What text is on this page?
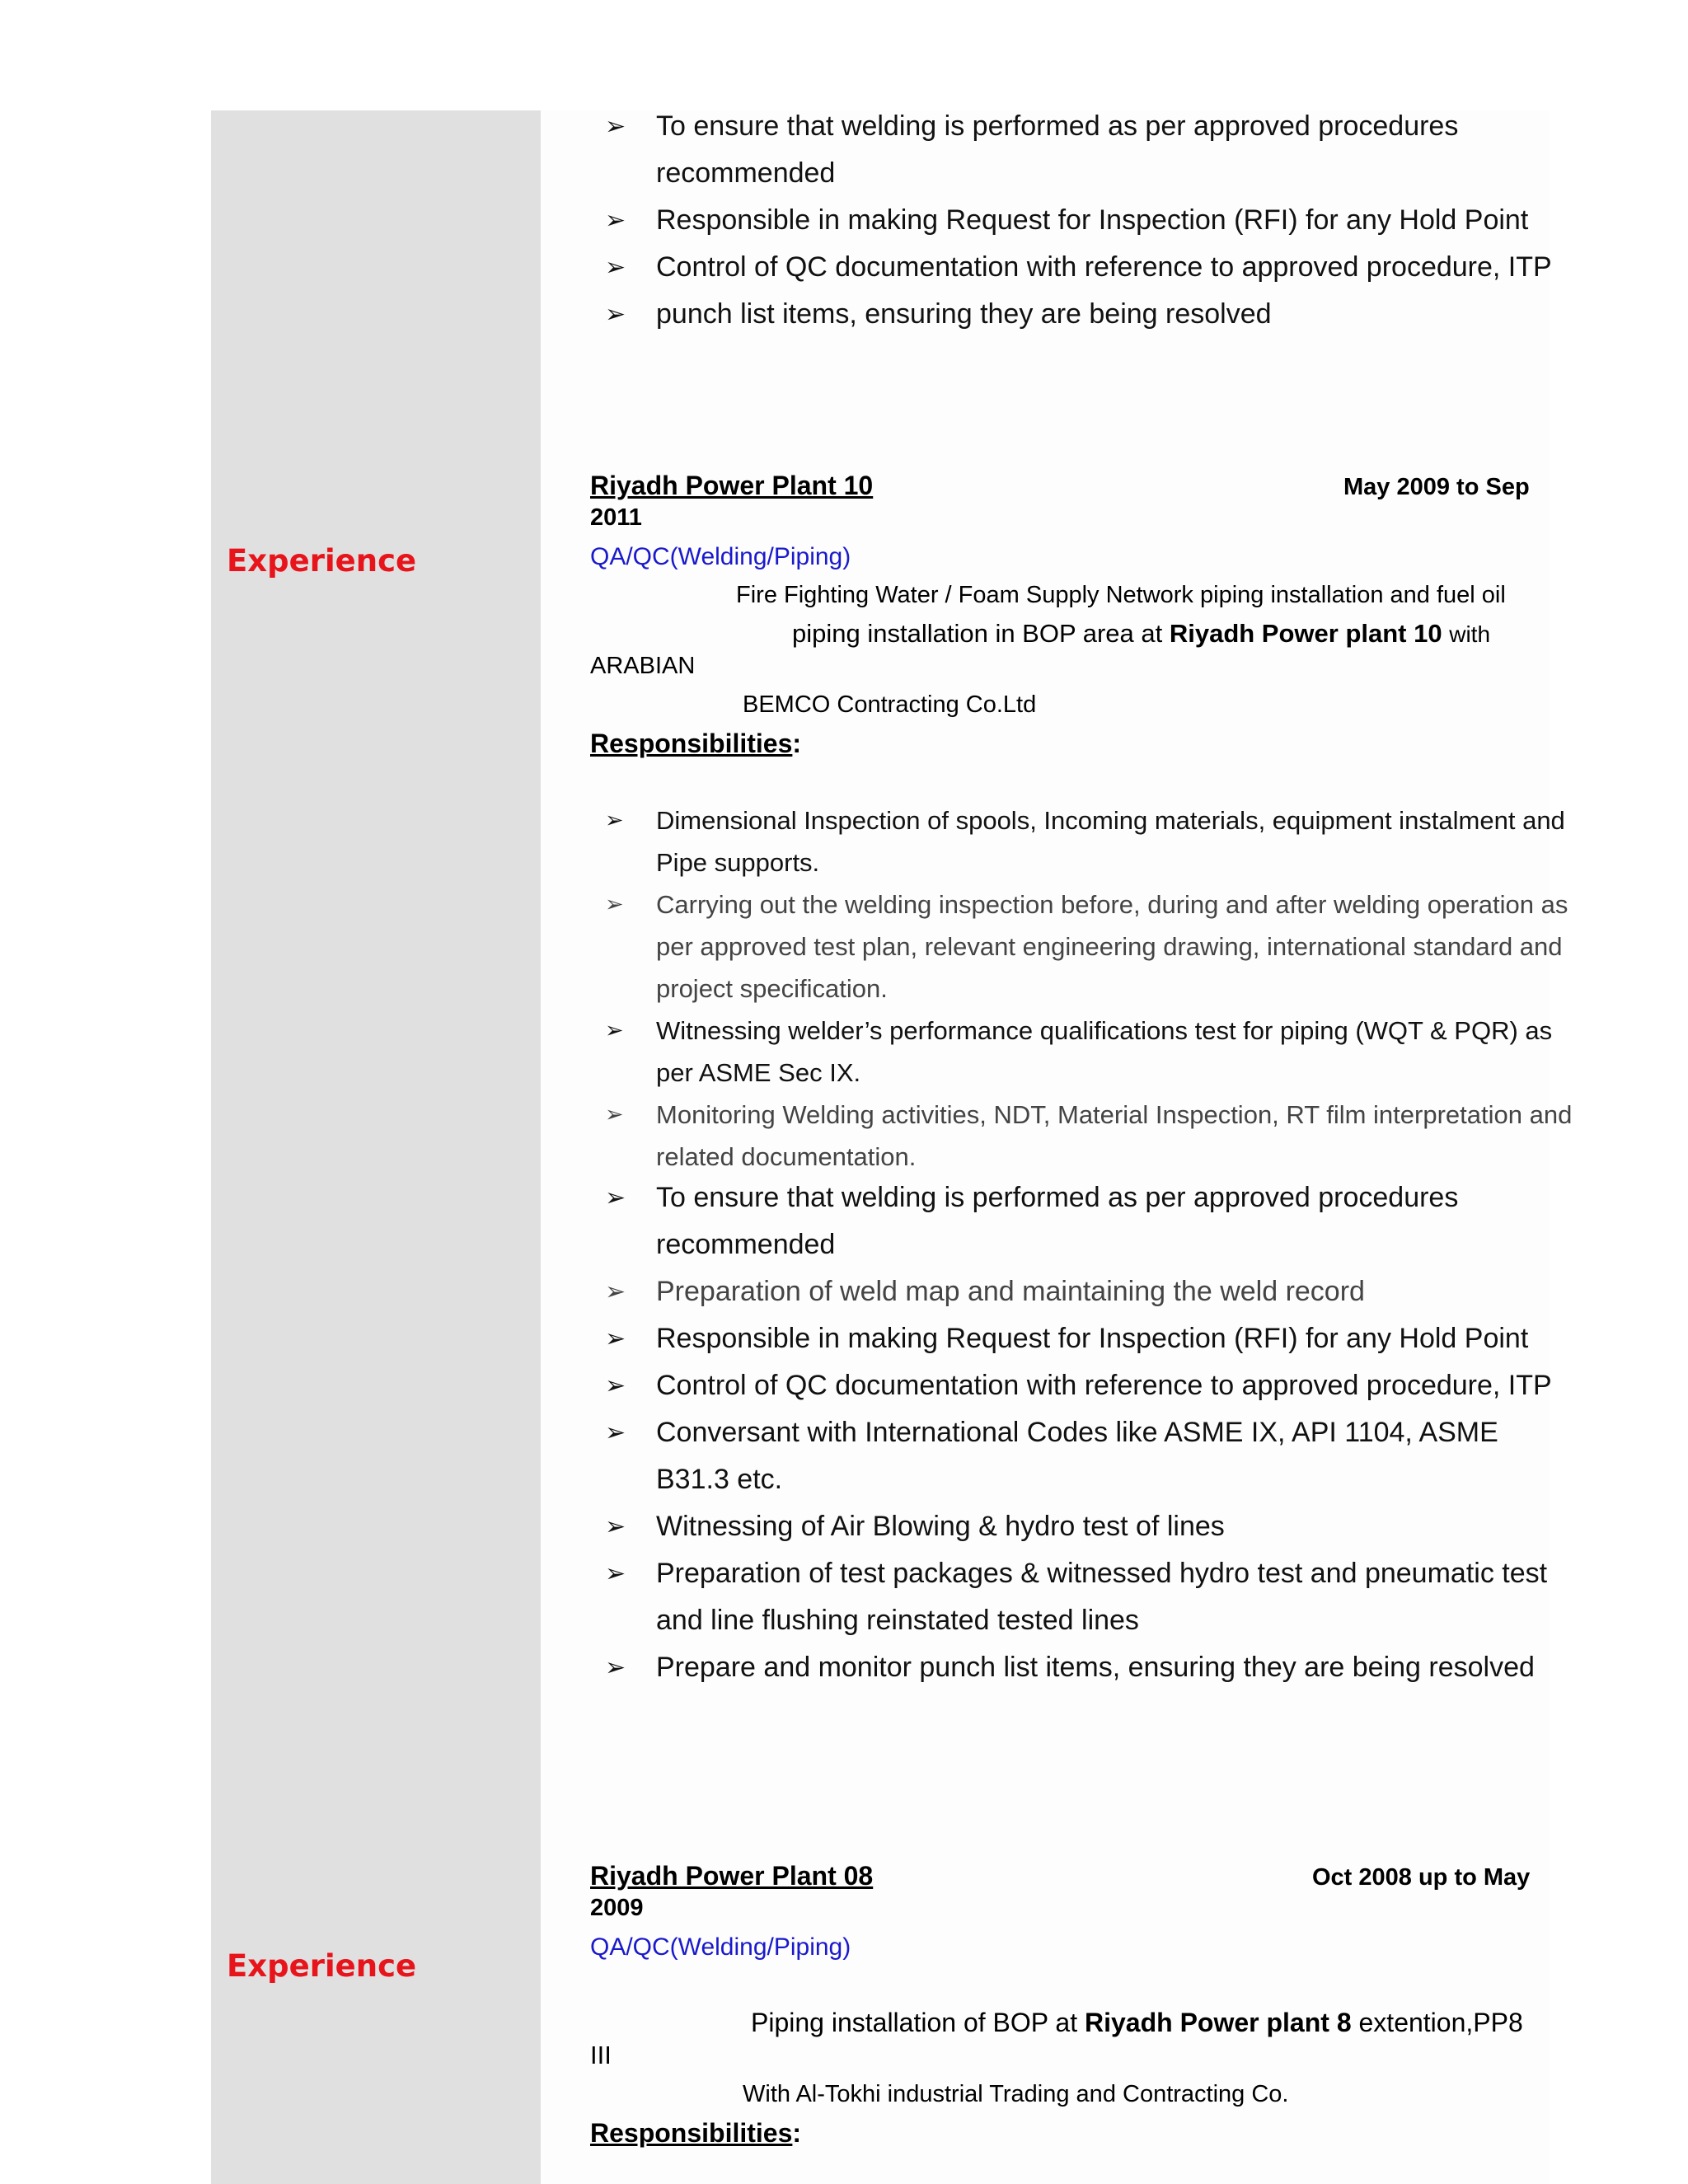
➢ To ensure that welding is performed as per approved procedures recommended
➢ Responsible in making Request for Inspection (RFI) for any Hold Point
➢ Control of QC documentation with reference to approved procedure, ITP
➢ punch list items, ensuring they are being resolved
Experience
Riyadh Power Plant 10	May 2009 to Sep
2011
QA/QC(Welding/Piping)
Fire Fighting Water / Foam Supply Network piping installation and fuel oil
piping installation in BOP area at Riyadh Power plant 10 with
ARABIAN
BEMCO Contracting Co.Ltd
Responsibilities:
➢ Dimensional Inspection of spools, Incoming materials, equipment instalment and Pipe supports.
➢ Carrying out the welding inspection before, during and after welding operation as per approved test plan, relevant engineering drawing, international standard and project specification.
➢ Witnessing welder’s performance qualifications test for piping (WQT & PQR) as per ASME Sec IX.
➢ Monitoring Welding activities, NDT, Material Inspection, RT film interpretation and related documentation.
➢ To ensure that welding is performed as per approved procedures recommended
➢ Preparation of weld map and maintaining the weld record
➢ Responsible in making Request for Inspection (RFI) for any Hold Point
➢ Control of QC documentation with reference to approved procedure, ITP
➢ Conversant with International Codes like ASME IX, API 1104, ASME B31.3 etc.
➢ Witnessing of Air Blowing & hydro test of lines
➢ Preparation of test packages & witnessed hydro test and pneumatic test and line flushing reinstated tested lines
➢ Prepare and monitor punch list items, ensuring they are being resolved
Experience
Riyadh Power Plant 08	Oct 2008 up to May
2009
QA/QC(Welding/Piping)
Piping installation of BOP at Riyadh Power plant 8 extention,PP8
III
With Al-Tokhi industrial Trading and Contracting Co.
Responsibilities:
